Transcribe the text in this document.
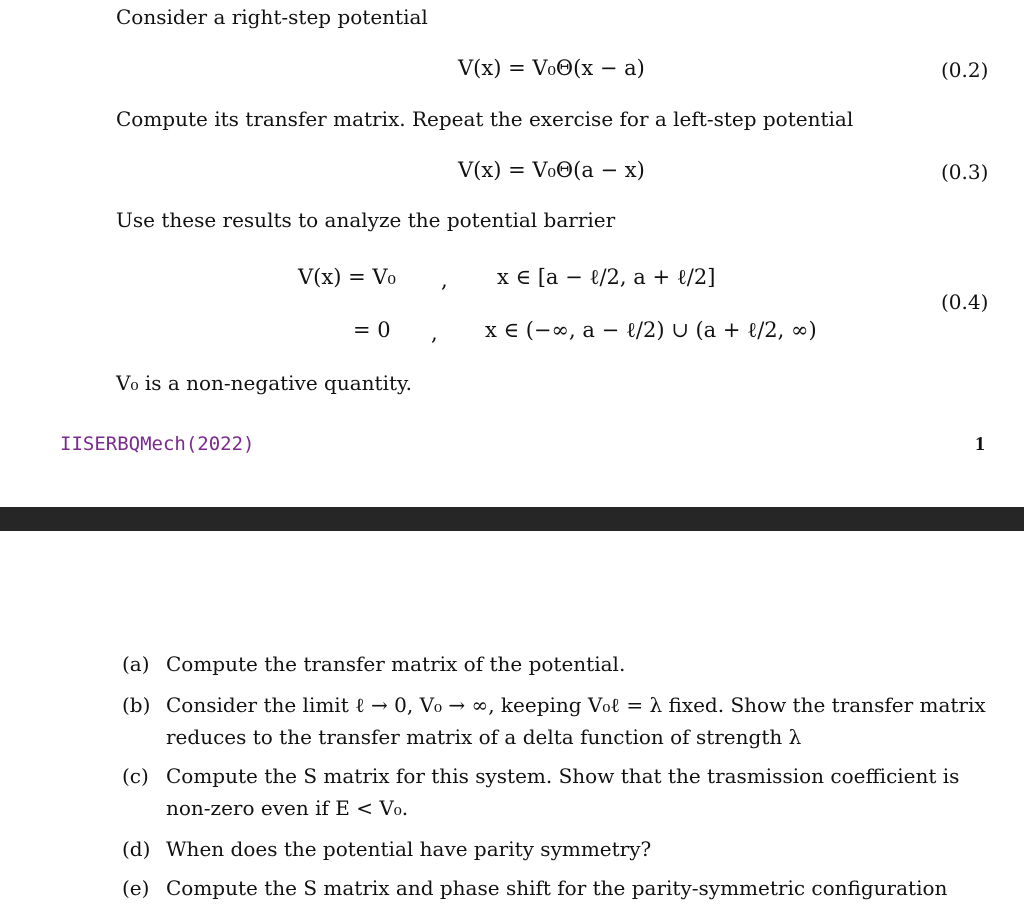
Consider a right-step potential
V(x) = V₀Θ(x − a)	(0.2)
Compute its transfer matrix. Repeat the exercise for a left-step potential
V(x) = V₀Θ(a − x)	(0.3)
Use these results to analyze the potential barrier
V(x) = V₀ , x ∈ [a − ℓ/2, a + ℓ/2]
= 0 , x ∈ (−∞, a − ℓ/2) ∪ (a + ℓ/2, ∞)
(0.4)
V₀ is a non-negative quantity.
IISERBQMech(2022)	1
(a) Compute the transfer matrix of the potential.
(b) Consider the limit ℓ → 0, V₀ → ∞, keeping V₀ℓ = λ fixed. Show the transfer matrix reduces to the transfer matrix of a delta function of strength λ
(c) Compute the S matrix for this system. Show that the trasmission coefficient is non-zero even if E < V₀.
(d) When does the potential have parity symmetry?
(e) Compute the S matrix and phase shift for the parity-symmetric configuration
